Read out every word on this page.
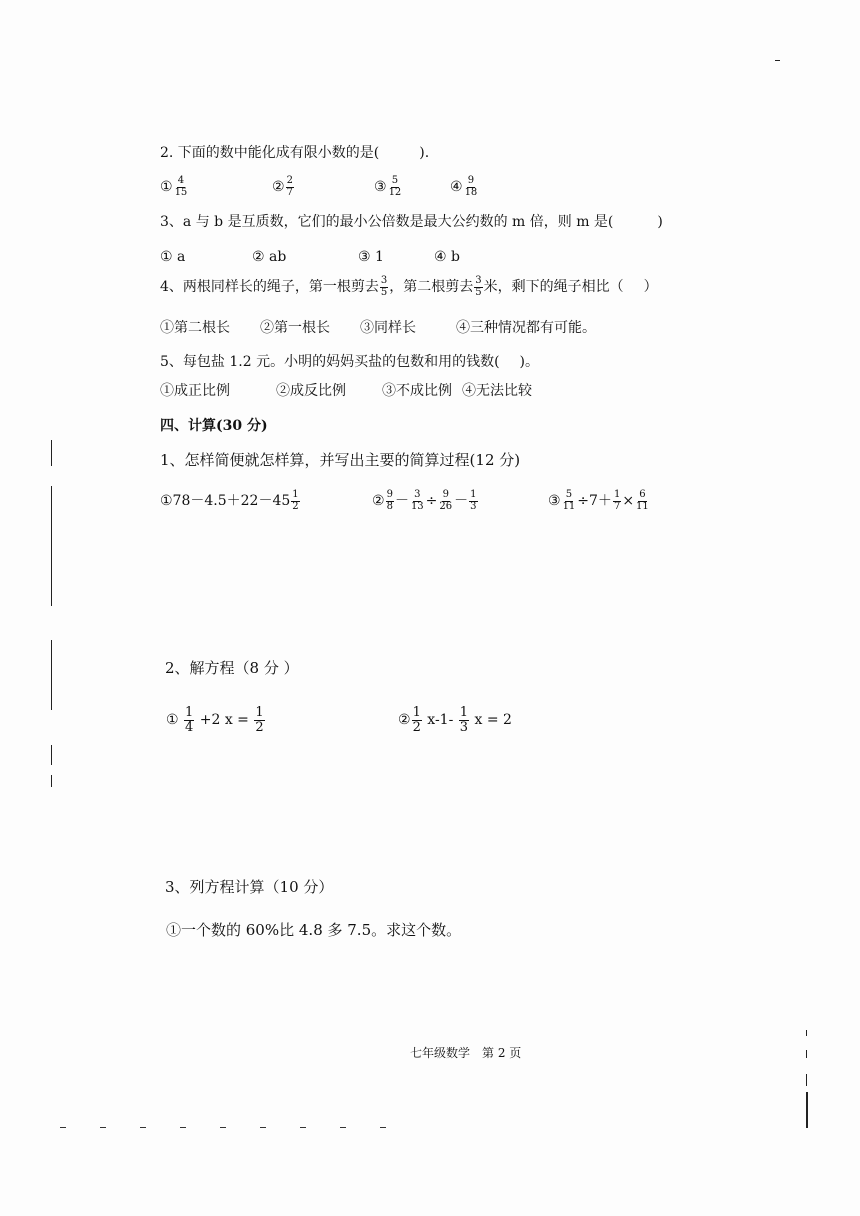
2. 下面的数中能化成有限小数的是(	).
① $\frac{4}{15}$	② $\frac{2}{7}$	③ $\frac{5}{12}$	④ $\frac{9}{18}$
3、a 与 b 是互质数，它们的最小公倍数是最大公约数的 m 倍，则 m 是(	)
① a	② ab	③ 1	④ b
4、两根同样长的绳子，第一根剪去 $\frac{3}{5}$ ，第二根剪去 $\frac{3}{5}$ 米，剩下的绳子相比（ ）
①第二根长 ②第一根长 ③同样长	④三种情况都有可能。
5、每包盐 1.2 元。小明的妈妈买盐的包数和用的钱数( )。
①成正比例	②成反比例	③不成比例 ④无法比较
四、计算(30 分)
1、怎样简便就怎样算，并写出主要的简算过程(12 分)
①78－4.5＋22－45 $\frac{1}{2}$	② $\frac{9}{8} - \frac{3}{13} \div \frac{9}{26} - \frac{1}{3}$	③ $\frac{5}{11} \div 7+ \frac{1}{7} \times \frac{6}{11}$
2、解方程（8 分 ）
① $\frac{1}{4} +2$ $x = \frac{1}{2}$	② $\frac{1}{2} x-1- \frac{1}{3}$ x = 2
3、列方程计算（10 分）
①一个数的 60%比 4.8 多 7.5。求这个数。
七年级数学　第 2 页
